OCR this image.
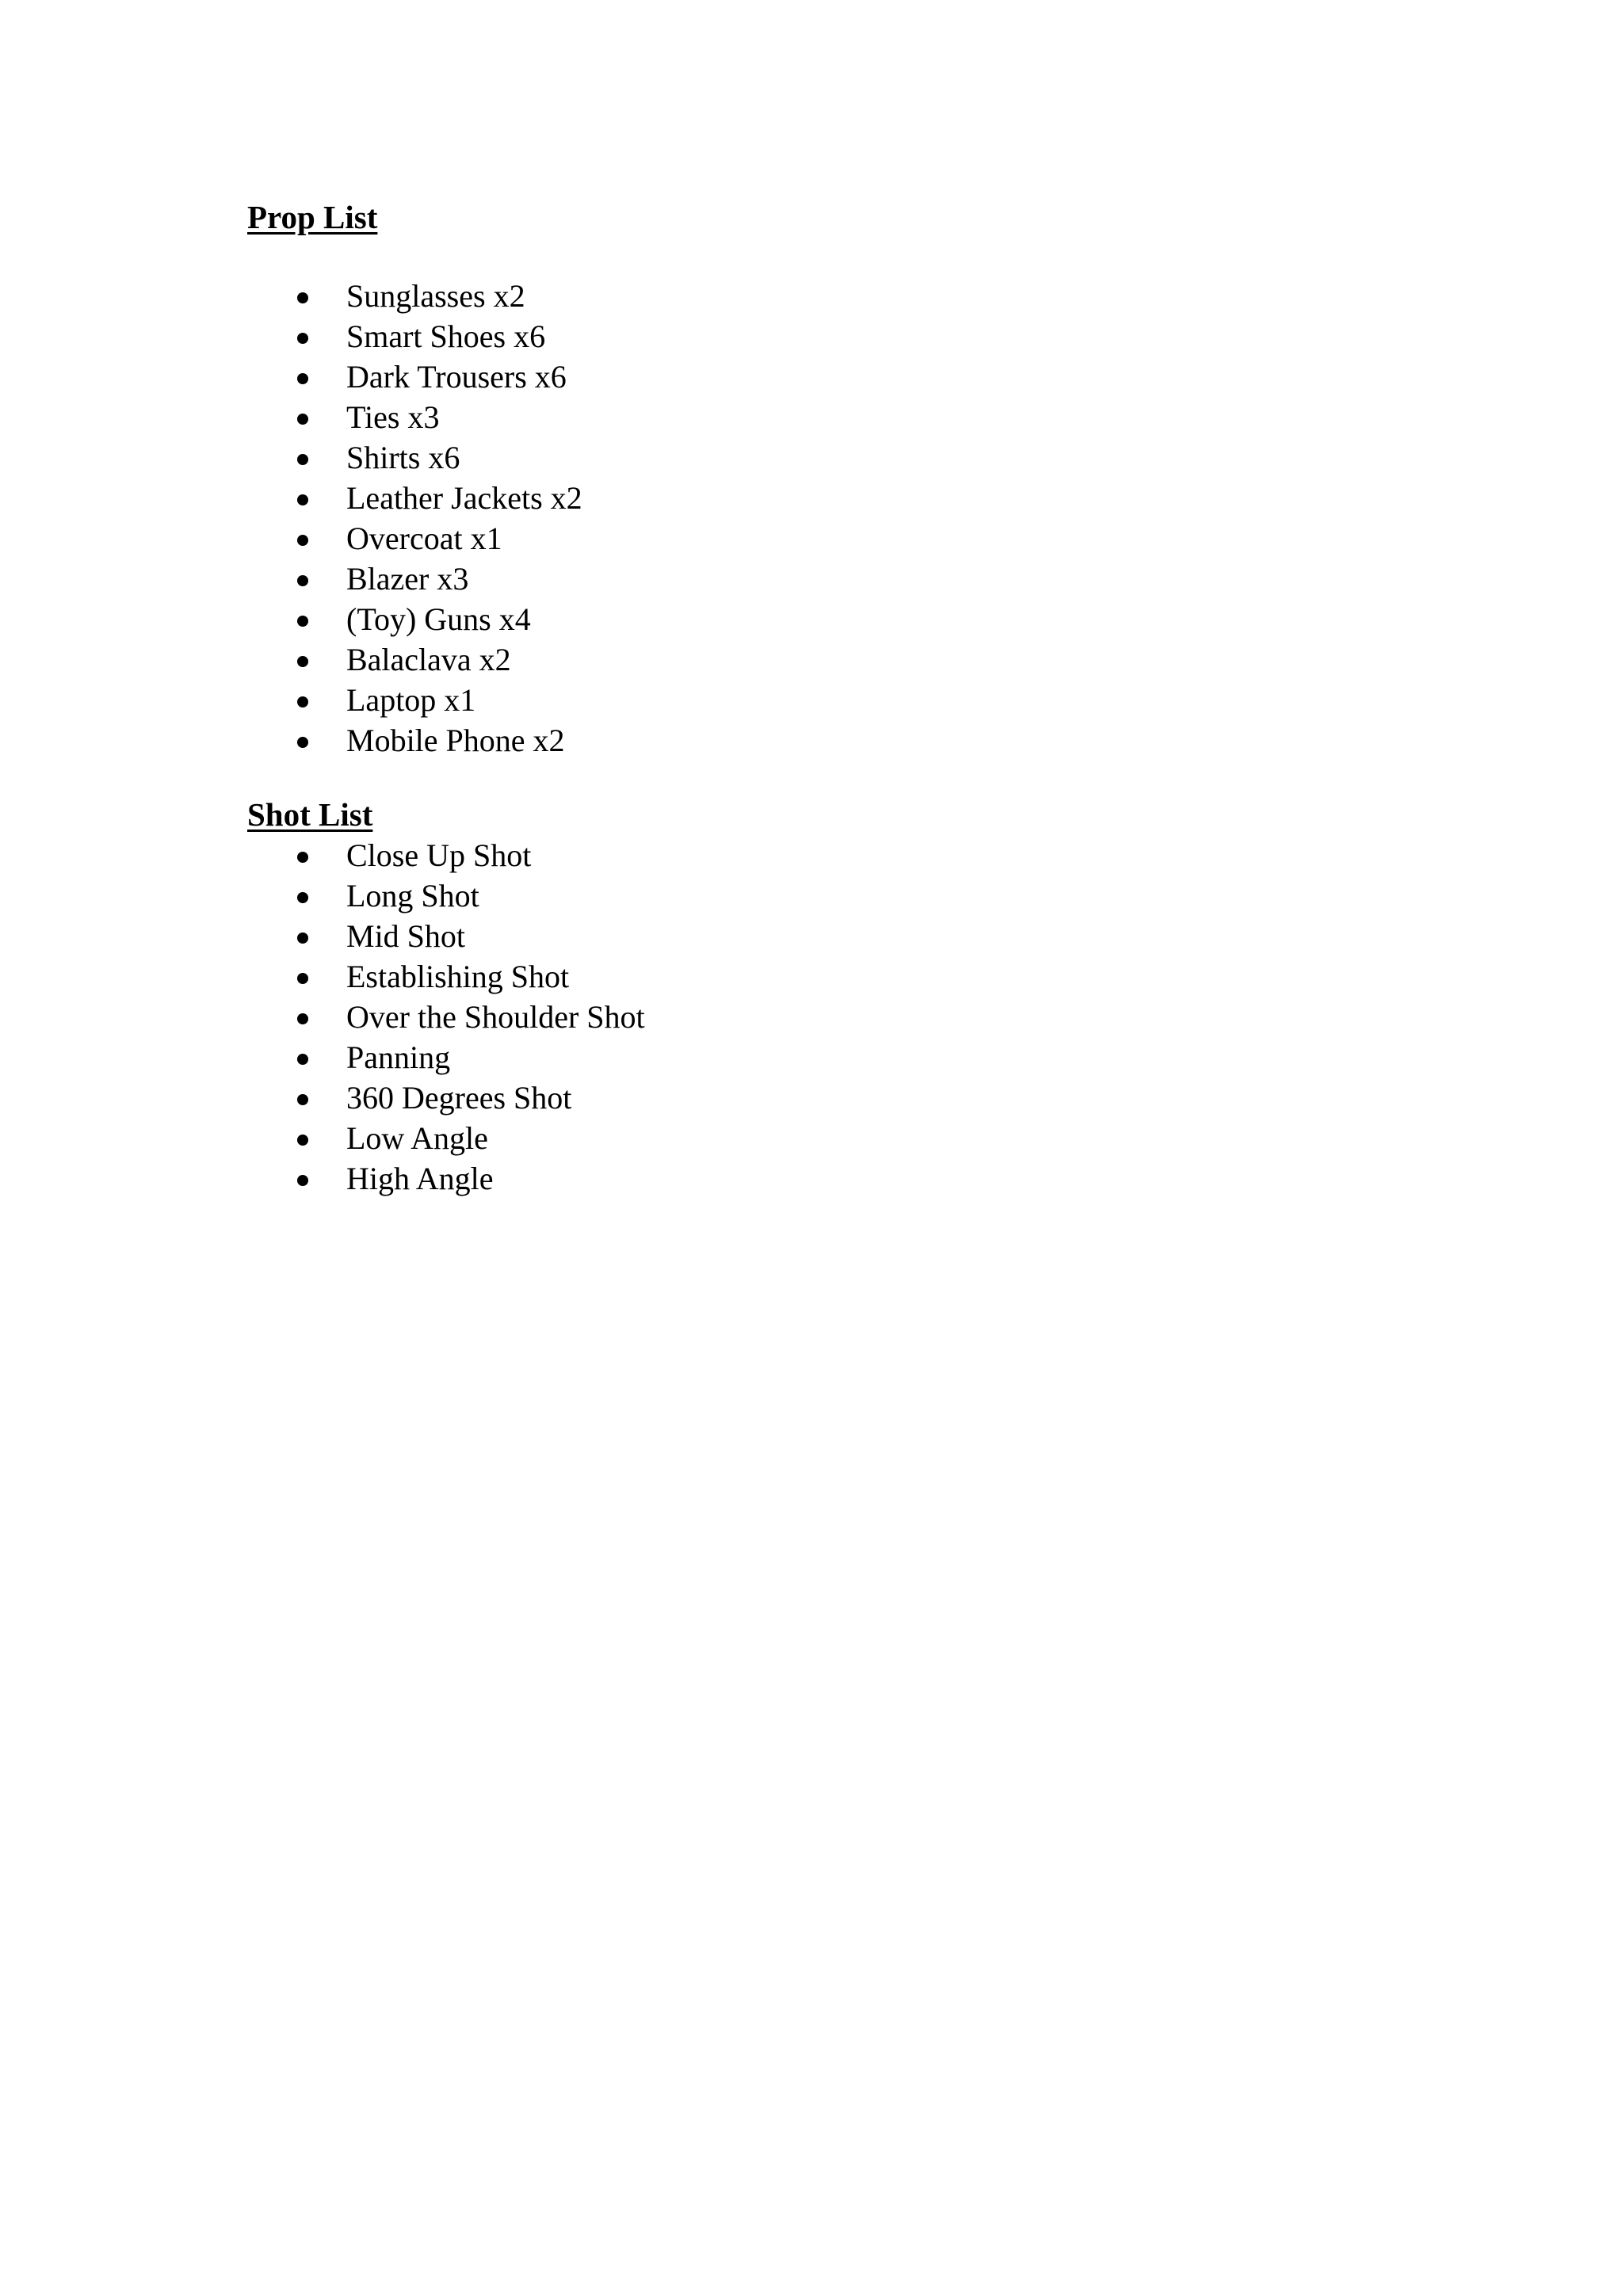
Prop List
Sunglasses x2
Smart Shoes x6
Dark Trousers x6
Ties x3
Shirts x6
Leather Jackets x2
Overcoat x1
Blazer x3
(Toy) Guns x4
Balaclava x2
Laptop x1
Mobile Phone x2
Shot List
Close Up Shot
Long Shot
Mid Shot
Establishing Shot
Over the Shoulder Shot
Panning
360 Degrees Shot
Low Angle
High Angle
